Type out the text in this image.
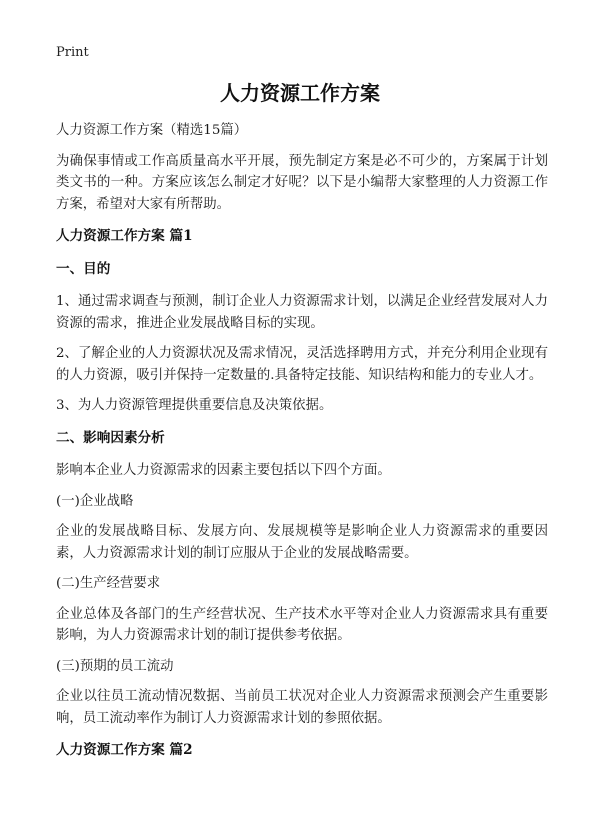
Print
人力资源工作方案

人力资源工作方案（精选15篇）

为确保事情或工作高质量高水平开展，预先制定方案是必不可少的，方案属于计划类文书的一种。方案应该怎么制定才好呢？以下是小编帮大家整理的人力资源工作方案，希望对大家有所帮助。

人力资源工作方案 篇1

一、目的

1、通过需求调查与预测，制订企业人力资源需求计划，以满足企业经营发展对人力资源的需求，推进企业发展战略目标的实现。

2、了解企业的人力资源状况及需求情况，灵活选择聘用方式，并充分利用企业现有的人力资源，吸引并保持一定数量的.具备特定技能、知识结构和能力的专业人才。

3、为人力资源管理提供重要信息及决策依据。

二、影响因素分析

影响本企业人力资源需求的因素主要包括以下四个方面。

(一)企业战略

企业的发展战略目标、发展方向、发展规模等是影响企业人力资源需求的重要因素，人力资源需求计划的制订应服从于企业的发展战略需要。

(二)生产经营要求

企业总体及各部门的生产经营状况、生产技术水平等对企业人力资源需求具有重要影响，为人力资源需求计划的制订提供参考依据。

(三)预期的员工流动

企业以往员工流动情况数据、当前员工状况对企业人力资源需求预测会产生重要影响，员工流动率作为制订人力资源需求计划的参照依据。

人力资源工作方案 篇2
